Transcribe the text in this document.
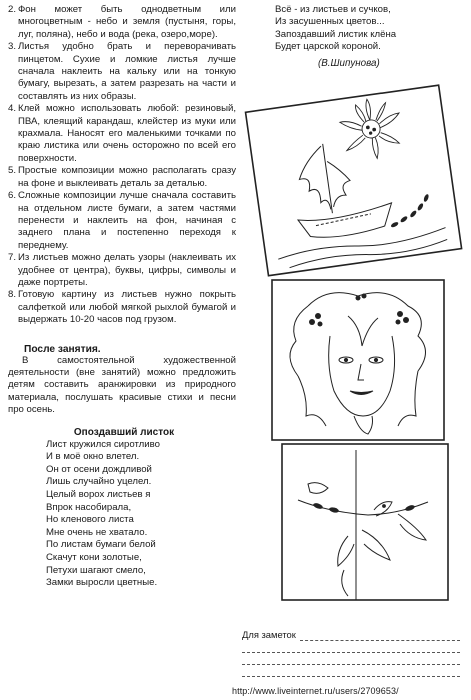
2. Фон может быть однодветным или многоцветным - небо и земля (пустыня, горы, луг, поляна), небо и вода (река, озеро,море).
3. Листья удобно брать и переворачивать пинцетом. Сухие и ломкие листья лучше сначала наклеить на кальку или на тонкую бумагу, вырезать, а затем разрезать на части и составлять из них образы.
4. Клей можно использовать любой: резиновый, ПВА, клеящий карандаш, клейстер из муки или крахмала. Наносят его маленькими точками по краю листика или очень осторожно по всей его поверхности.
5. Простые композиции можно располагать сразу на фоне и выклеивать деталь за деталью.
6. Сложные композиции лучше сначала составить на отдельном листе бумаги, а затем частями перенести и наклеить на фон, начиная с заднего плана и постепенно переходя к переднему.
7. Из листьев можно делать узоры (наклеивать их удобнее от центра), буквы, цифры, символы и даже портреты.
8. Готовую картину из листьев нужно покрыть салфеткой или любой мягкой рыхлой бумагой и выдержать 10-20 часов под грузом.
После занятия.

В самостоятельной художественной деятельности (вне занятий) можно предложить детям составить аранжировки из природного материала, послушать красивые стихи и песни про осень.

Опоздавший листок
Лист кружился сиротливо
И в моё окно влетел.
Он от осени дождливой
Лишь случайно уцелел.
Целый ворох листьев я
Впрок насобирала,
Но кленового листа
Мне очень не хватало.
По листам бумаги белой
Скачут кони золотые,
Петухи шагают смело,
Замки выросли цветные.
Всё - из листьев и сучков,
Из засушенных цветов...
Запоздавший листик клёна
Будет царской короной.
(В.Шипунова)
Для заметок
http://www.liveinternet.ru/users/2709653/
